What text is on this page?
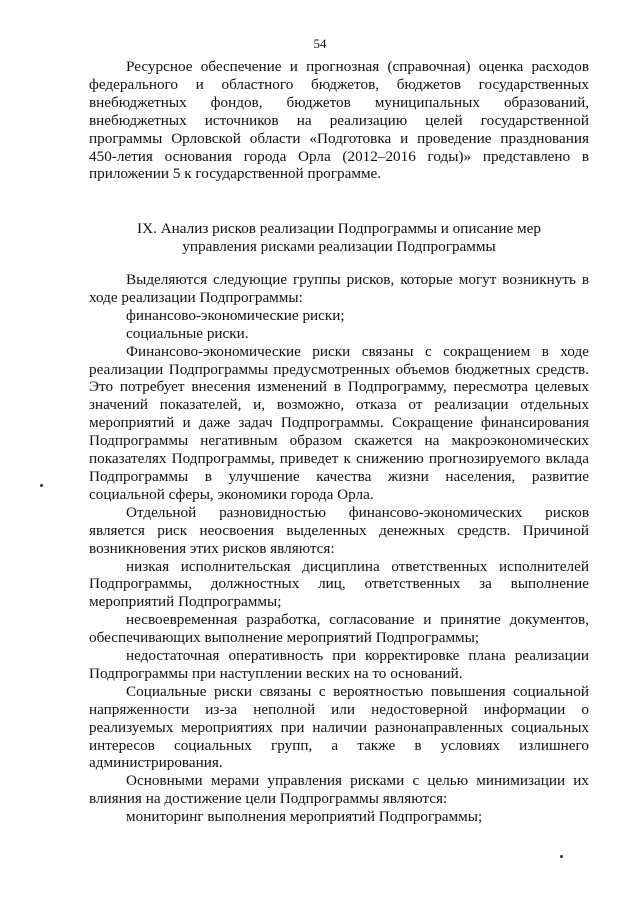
54

Ресурсное обеспечение и прогнозная (справочная) оценка расходов федерального и областного бюджетов, бюджетов государственных внебюджетных фондов, бюджетов муниципальных образований, внебюджетных источников на реализацию целей государственной программы Орловской области «Подготовка и проведение празднования 450-летия основания города Орла (2012–2016 годы)» представлено в приложении 5 к государственной программе.

IX. Анализ рисков реализации Подпрограммы и описание мер
управления рисками реализации Подпрограммы

Выделяются следующие группы рисков, которые могут возникнуть в ходе реализации Подпрограммы:

финансово-экономические риски;

социальные риски.

Финансово-экономические риски связаны с сокращением в ходе реализации Подпрограммы предусмотренных объемов бюджетных средств. Это потребует внесения изменений в Подпрограмму, пересмотра целевых значений показателей, и, возможно, отказа от реализации отдельных мероприятий и даже задач Подпрограммы. Сокращение финансирования Подпрограммы негативным образом скажется на макроэкономических показателях Подпрограммы, приведет к снижению прогнозируемого вклада Подпрограммы в улучшение качества жизни населения, развитие социальной сферы, экономики города Орла.

Отдельной разновидностью финансово-экономических рисков является риск неосвоения выделенных денежных средств. Причиной возникновения этих рисков являются:

низкая исполнительская дисциплина ответственных исполнителей Подпрограммы, должностных лиц, ответственных за выполнение мероприятий Подпрограммы;

несвоевременная разработка, согласование и принятие документов, обеспечивающих выполнение мероприятий Подпрограммы;

недостаточная оперативность при корректировке плана реализации Подпрограммы при наступлении веских на то оснований.

Социальные риски связаны с вероятностью повышения социальной напряженности из-за неполной или недостоверной информации о реализуемых мероприятиях при наличии разнонаправленных социальных интересов социальных групп, а также в условиях излишнего администрирования.

Основными мерами управления рисками с целью минимизации их влияния на достижение цели Подпрограммы являются:

мониторинг выполнения мероприятий Подпрограммы;
